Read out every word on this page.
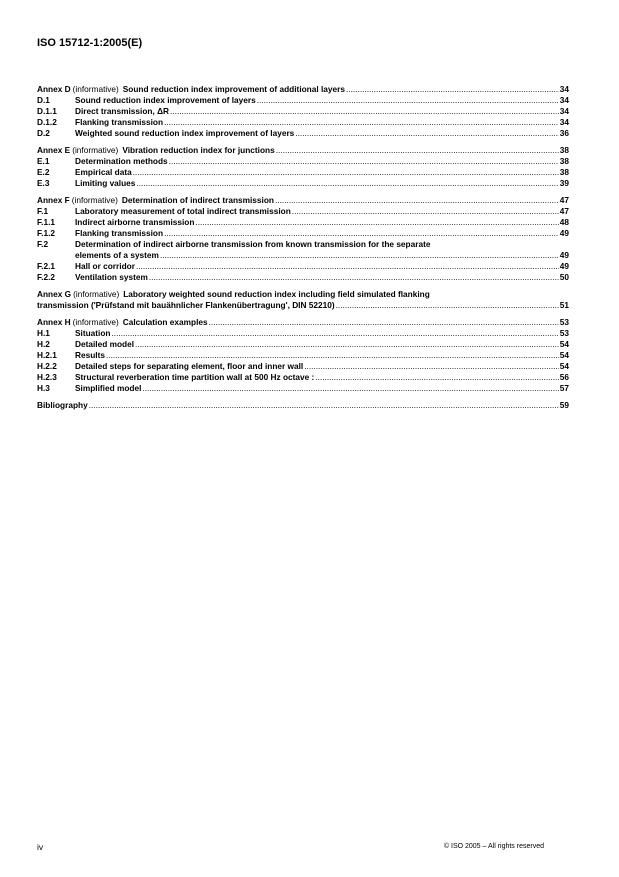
ISO 15712-1:2005(E)
Annex D (informative) Sound reduction index improvement of additional layers .....	34
D.1	Sound reduction index improvement of layers .....	34
D.1.1	Direct transmission, ΔR .....	34
D.1.2	Flanking transmission .....	34
D.2	Weighted sound reduction index improvement of layers .....	36
Annex E (informative) Vibration reduction index for junctions .....	38
E.1	Determination methods .....	38
E.2	Empirical data .....	38
E.3	Limiting values .....	39
Annex F (informative) Determination of indirect transmission .....	47
F.1	Laboratory measurement of total indirect transmission .....	47
F.1.1	Indirect airborne transmission .....	48
F.1.2	Flanking transmission .....	49
F.2	Determination of indirect airborne transmission from known transmission for the separate
elements of a system .....	49
F.2.1	Hall or corridor .....	49
F.2.2	Ventilation system .....	50
Annex G (informative) Laboratory weighted sound reduction index including field simulated flanking
transmission ('Prüfstand mit bauähnlicher Flankenübertragung', DIN 52210) .....	51
Annex H (informative) Calculation examples .....	53
H.1	Situation .....	53
H.2	Detailed model .....	54
H.2.1	Results .....	54
H.2.2	Detailed steps for separating element, floor and inner wall .....	54
H.2.3	Structural reverberation time partition wall at 500 Hz octave : .....	56
H.3	Simplified model .....	57
Bibliography .....	59
iv	© ISO 2005 – All rights reserved
